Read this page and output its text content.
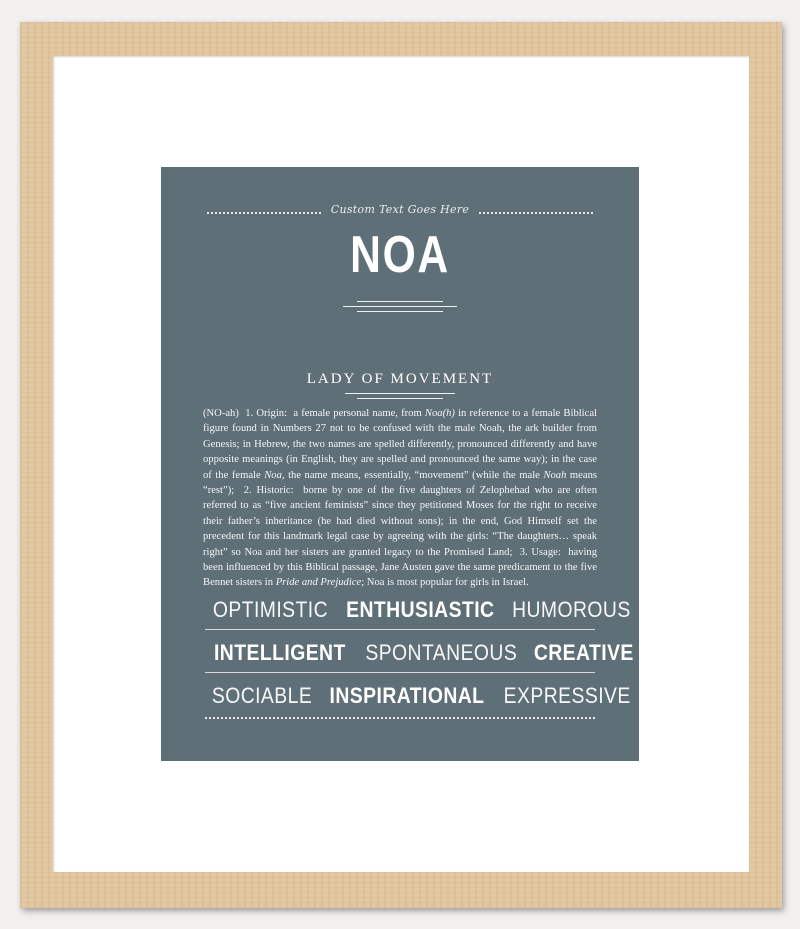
Custom Text Goes Here
NOA
LADY OF MOVEMENT
(NO-ah) 1. Origin: a female personal name, from Noa(h) in reference to a female Biblical figure found in Numbers 27 not to be confused with the male Noah, the ark builder from Genesis; in Hebrew, the two names are spelled differently, pronounced differently and have opposite meanings (in English, they are spelled and pronounced the same way); in the case of the female Noa, the name means, essentially, “movement” (while the male Noah means “rest”); 2. Historic: borne by one of the five daughters of Zelophehad who are often referred to as “five ancient feminists” since they petitioned Moses for the right to receive their father’s inheritance (he had died without sons); in the end, God Himself set the precedent for this landmark legal case by agreeing with the girls: “The daughters… speak right” so Noa and her sisters are granted legacy to the Promised Land; 3. Usage: having been influenced by this Biblical passage, Jane Austen gave the same predicament to the five Bennet sisters in Pride and Prejudice; Noa is most popular for girls in Israel.
OPTIMISTIC ENTHUSIASTIC HUMOROUS
INTELLIGENT SPONTANEOUS CREATIVE
SOCIABLE INSPIRATIONAL EXPRESSIVE
